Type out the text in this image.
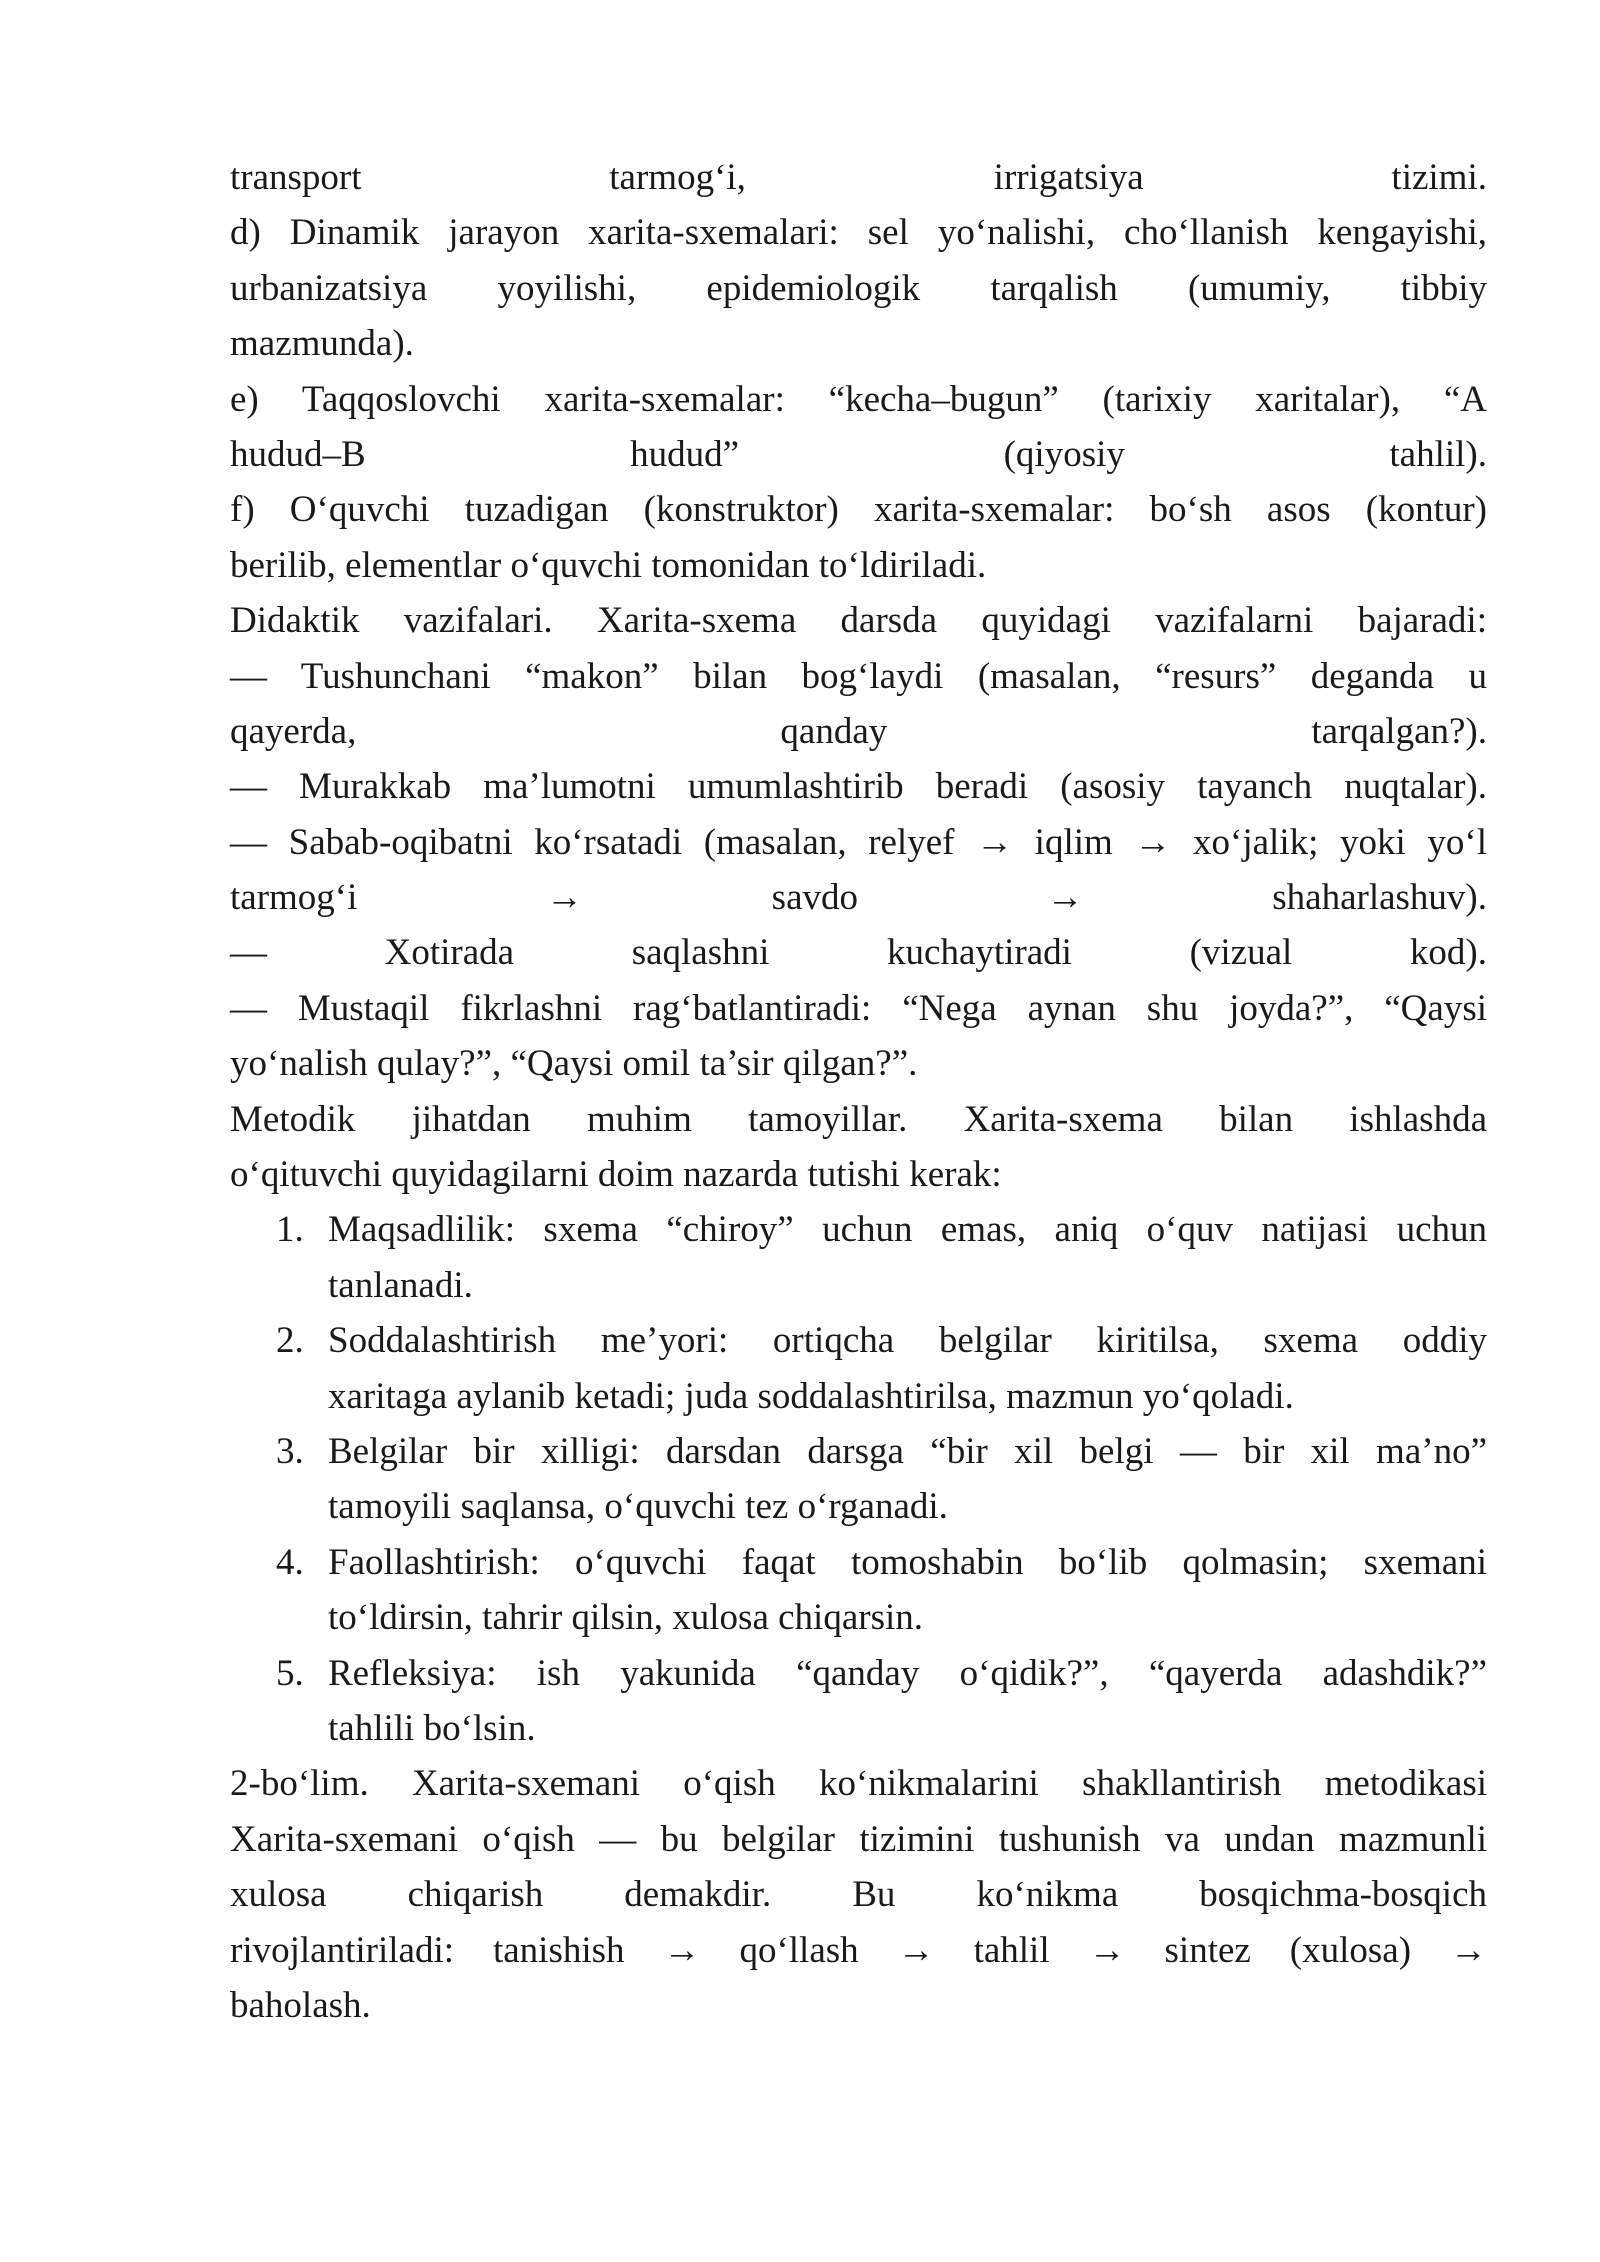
transport tarmog‘i, irrigatsiya tizimi.
d) Dinamik jarayon xarita-sxemalari: sel yo‘nalishi, cho‘llanish kengayishi,
urbanizatsiya yoyilishi, epidemiologik tarqalish (umumiy, tibbiy
mazmunda).
e) Taqqoslovchi xarita-sxemalar: “kecha–bugun” (tarixiy xaritalar), “A
hudud–B hudud” (qiyosiy tahlil).
f) O‘quvchi tuzadigan (konstruktor) xarita-sxemalar: bo‘sh asos (kontur)
berilib, elementlar o‘quvchi tomonidan to‘ldiriladi.
Didaktik vazifalari. Xarita-sxema darsda quyidagi vazifalarni bajaradi:
— Tushunchani “makon” bilan bog‘laydi (masalan, “resurs” deganda u
qayerda, qanday tarqalgan?).
— Murakkab ma’lumotni umumlashtirib beradi (asosiy tayanch nuqtalar).
— Sabab-oqibatni ko‘rsatadi (masalan, relyef → iqlim → xo‘jalik; yoki yo‘l
tarmog‘i → savdo → shaharlashuv).
— Xotirada saqlashni kuchaytiradi (vizual kod).
— Mustaqil fikrlashni rag‘batlantiradi: “Nega aynan shu joyda?”, “Qaysi
yo‘nalish qulay?”, “Qaysi omil ta’sir qilgan?”.
Metodik jihatdan muhim tamoyillar. Xarita-sxema bilan ishlashda
o‘qituvchi quyidagilarni doim nazarda tutishi kerak:
1. Maqsadlilik: sxema “chiroy” uchun emas, aniq o‘quv natijasi uchun
tanlanadi.
2. Soddalashtirish me’yori: ortiqcha belgilar kiritilsa, sxema oddiy
xaritaga aylanib ketadi; juda soddalashtirilsa, mazmun yo‘qoladi.
3. Belgilar bir xilligi: darsdan darsga “bir xil belgi — bir xil ma’no”
tamoyili saqlansa, o‘quvchi tez o‘rganadi.
4. Faollashtirish: o‘quvchi faqat tomoshabin bo‘lib qolmasin; sxemani
to‘ldirsin, tahrir qilsin, xulosa chiqarsin.
5. Refleksiya: ish yakunida “qanday o‘qidik?”, “qayerda adashdik?”
tahlili bo‘lsin.
2-bo‘lim. Xarita-sxemani o‘qish ko‘nikmalarini shakllantirish metodikasi
Xarita-sxemani o‘qish — bu belgilar tizimini tushunish va undan mazmunli
xulosa chiqarish demakdir. Bu ko‘nikma bosqichma-bosqich
rivojlantiriladi: tanishish → qo‘llash → tahlil → sintez (xulosa) →
baholash.
